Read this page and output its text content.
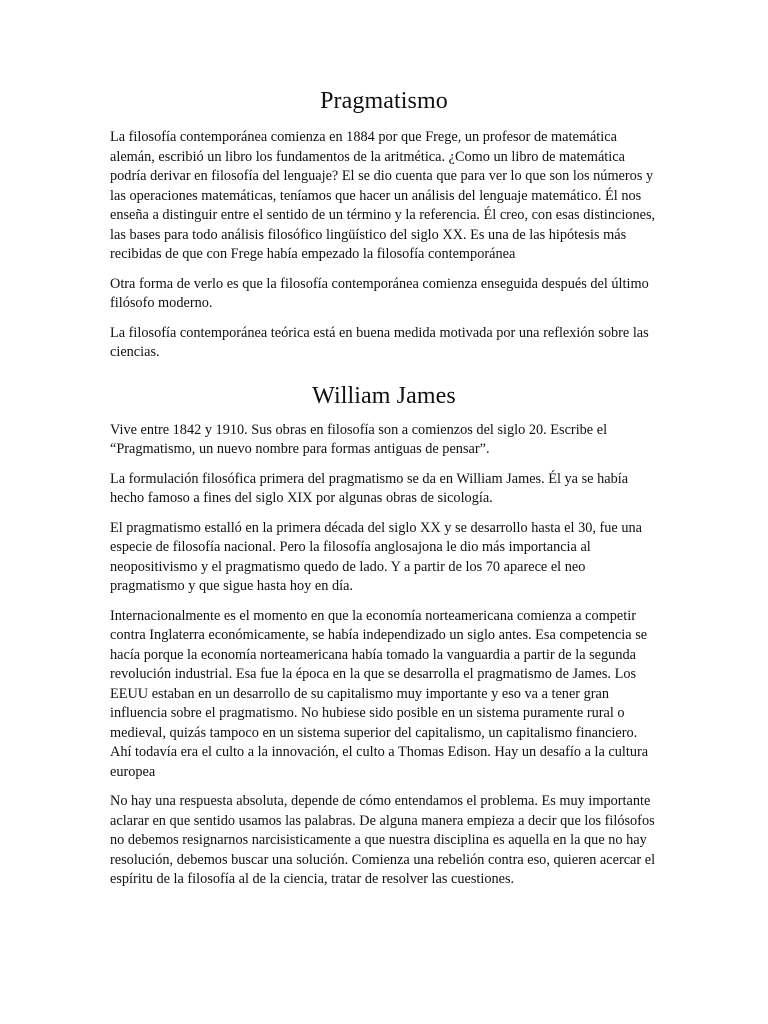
Pragmatismo

La filosofía contemporánea comienza en 1884 por que Frege, un profesor de matemática alemán, escribió un libro los fundamentos de la aritmética. ¿Como un libro de matemática podría derivar en filosofía del lenguaje? El se dio cuenta que para ver lo que son los números y las operaciones matemáticas, teníamos que hacer un análisis del lenguaje matemático. Él nos enseña a distinguir entre el sentido de un término y la referencia. Él creo, con esas distinciones, las bases para todo análisis filosófico lingüístico del siglo XX. Es una de las hipótesis más recibidas de que con Frege había empezado la filosofía contemporánea

Otra forma de verlo es que la filosofía contemporánea comienza enseguida después del último filósofo moderno.

La filosofía contemporánea teórica está en buena medida motivada por una reflexión sobre las ciencias.

William James

Vive entre 1842 y 1910. Sus obras en filosofía son a comienzos del siglo 20. Escribe el “Pragmatismo, un nuevo nombre para formas antiguas de pensar”.

La formulación filosófica primera del pragmatismo se da en William James. Él ya se había hecho famoso a fines del siglo XIX por algunas obras de sicología.

El pragmatismo estalló en la primera década del siglo XX y se desarrollo hasta el 30, fue una especie de filosofía nacional. Pero la filosofía anglosajona le dio más importancia al neopositivismo y el pragmatismo quedo de lado. Y a partir de los 70 aparece el neo pragmatismo y que sigue hasta hoy en día.

Internacionalmente es el momento en que la economía norteamericana comienza a competir contra Inglaterra económicamente, se había independizado un siglo antes. Esa competencia se hacía porque la economía norteamericana había tomado la vanguardia a partir de la segunda revolución industrial. Esa fue la época en la que se desarrolla el pragmatismo de James. Los EEUU estaban en un desarrollo de su capitalismo muy importante y eso va a tener gran influencia sobre el pragmatismo. No hubiese sido posible en un sistema puramente rural o medieval, quizás tampoco en un sistema superior del capitalismo, un capitalismo financiero. Ahí todavía era el culto a la innovación, el culto a Thomas Edison. Hay un desafío a la cultura europea

No hay una respuesta absoluta, depende de cómo entendamos el problema. Es muy importante aclarar en que sentido usamos las palabras. De alguna manera empieza a decir que los filósofos no debemos resignarnos narcisisticamente a que nuestra disciplina es aquella en la que no hay resolución, debemos buscar una solución. Comienza una rebelión contra eso, quieren acercar el espíritu de la filosofía al de la ciencia, tratar de resolver las cuestiones.
